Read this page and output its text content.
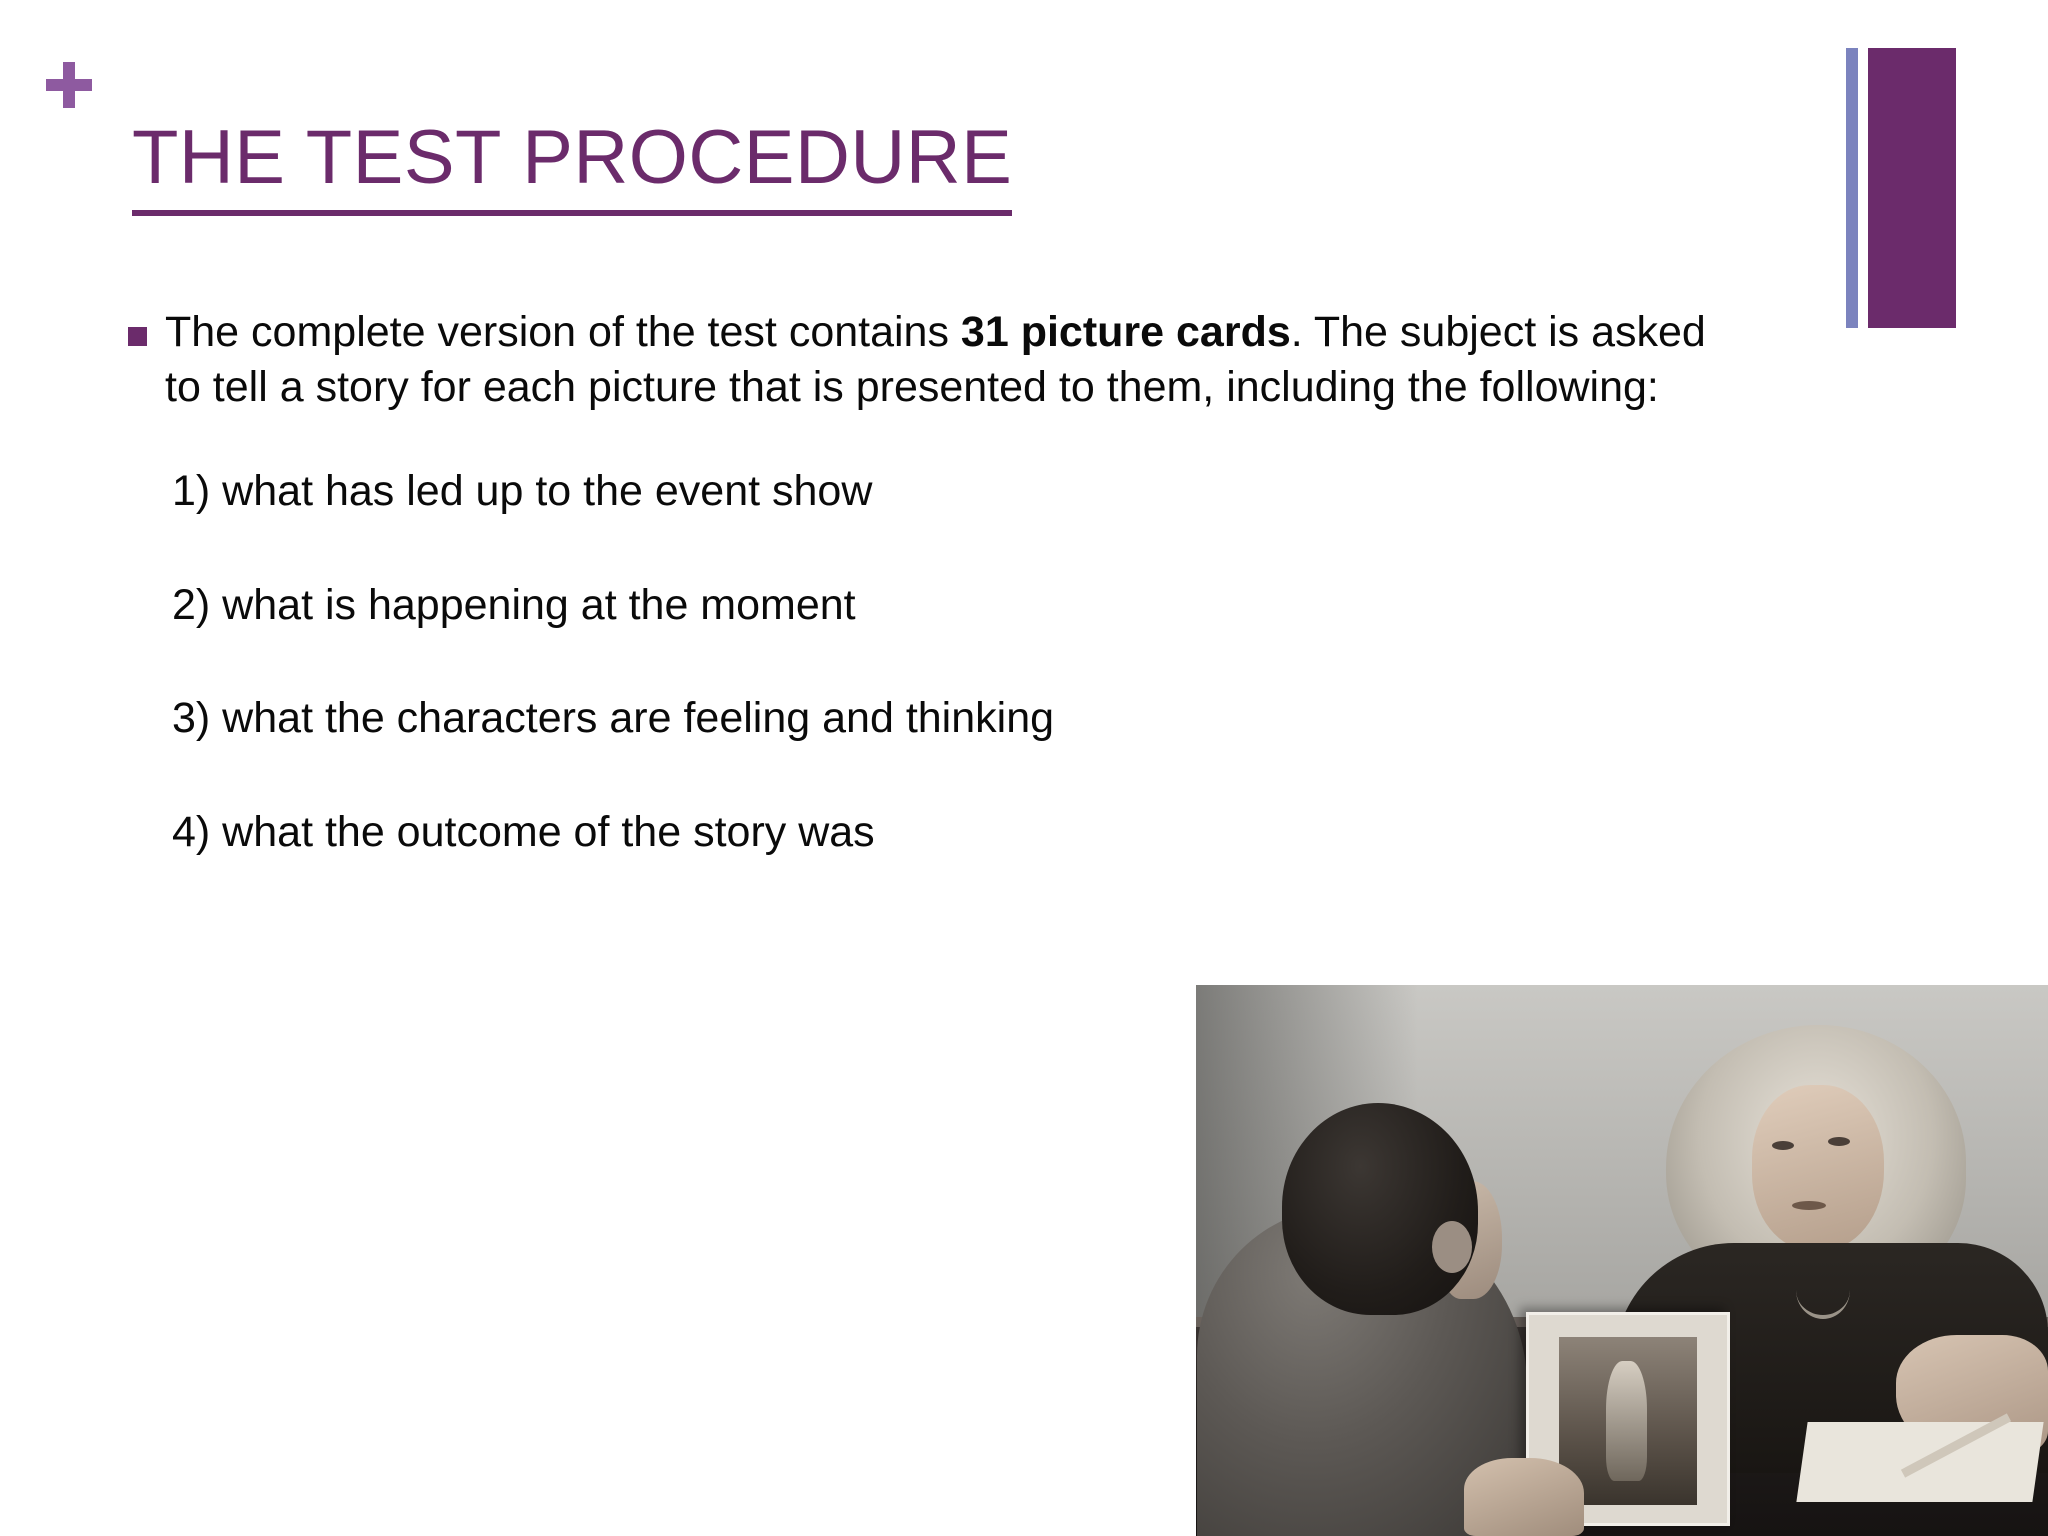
THE TEST PROCEDURE
The complete version of the test contains 31 picture cards. The subject is asked to tell a story for each picture that is presented to them, including the following:
1) what has led up to the event show
2) what is happening at the moment
3) what the characters are feeling and thinking
4) what the outcome of the story was
